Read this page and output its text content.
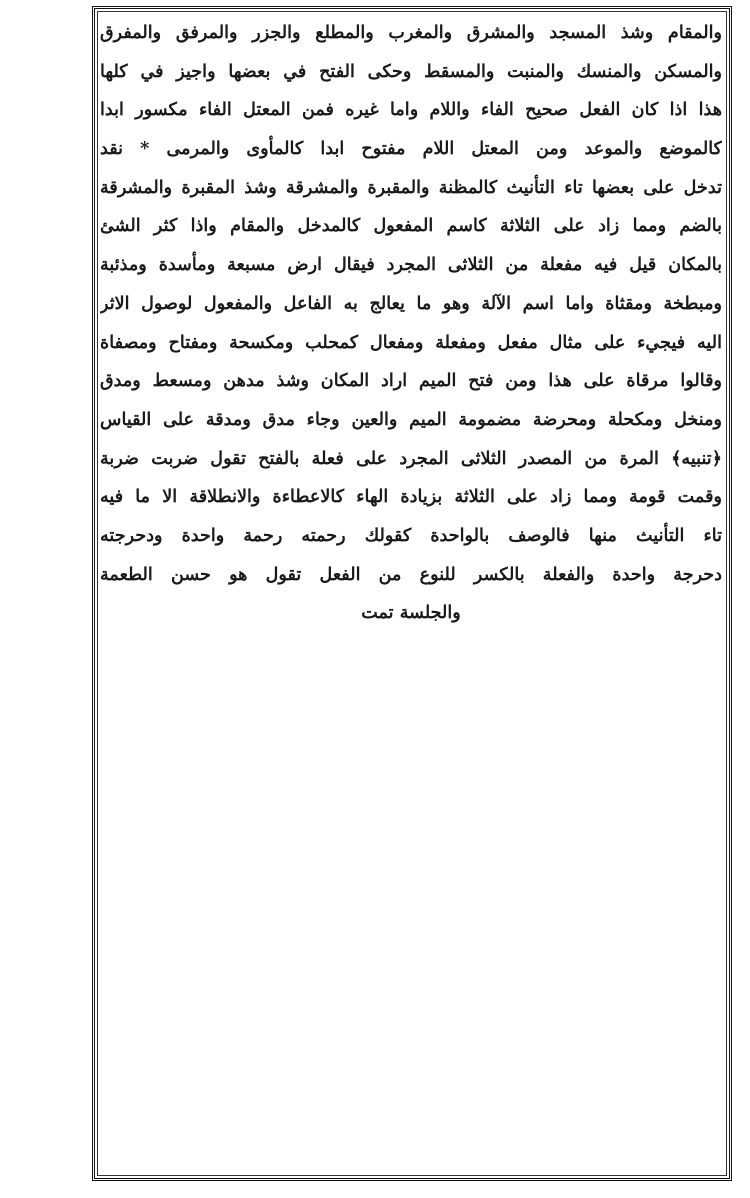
والمقام وشذ المسجد والمشرق والمغرب والمطلع والجزر والمرفق والمفرق
والمسكن والمنسك والمنبت والمسقط وحكى الفتح في بعضها واجيز في كلها
هذا اذا كان الفعل صحيح الفاء واللام واما غيره فمن المعتل الفاء مكسور ابدا
كالموضع والموعد ومن المعتل اللام مفتوح ابدا كالمأوى والمرمى * نقد
تدخل على بعضها تاء التأنيث كالمظنة والمقبرة والمشرقة وشذ المقبرة والمشرقة
بالضم ومما زاد على الثلاثة كاسم المفعول كالمدخل والمقام واذا كثر الشئ
بالمكان قيل فيه مفعلة من الثلاثى المجرد فيقال ارض مسبعة ومأسدة ومذئبة
ومبطخة ومقثاة واما اسم الآلة وهو ما يعالج به الفاعل والمفعول لوصول الاثر
اليه فيجيء على مثال مفعل ومفعلة ومفعال كمحلب ومكسحة ومفتاح ومصفاة
وقالوا مرقاة على هذا ومن فتح الميم اراد المكان وشذ مدهن ومسعط ومدق
ومنخل ومكحلة ومحرضة مضمومة الميم والعين وجاء مدق ومدقة على القياس
﴿تنبيه﴾ المرة من المصدر الثلاثى المجرد على فعلة بالفتح تقول ضربت ضربة
وقمت قومة ومما زاد على الثلاثة بزيادة الهاء كالاعطاءة والانطلاقة الا ما فيه
تاء التأنيث منها فالوصف بالواحدة كقولك رحمته رحمة واحدة ودحرجته
دحرجة واحدة والفعلة بالكسر للنوع من الفعل تقول هو حسن الطعمة
والجلسة تمت
